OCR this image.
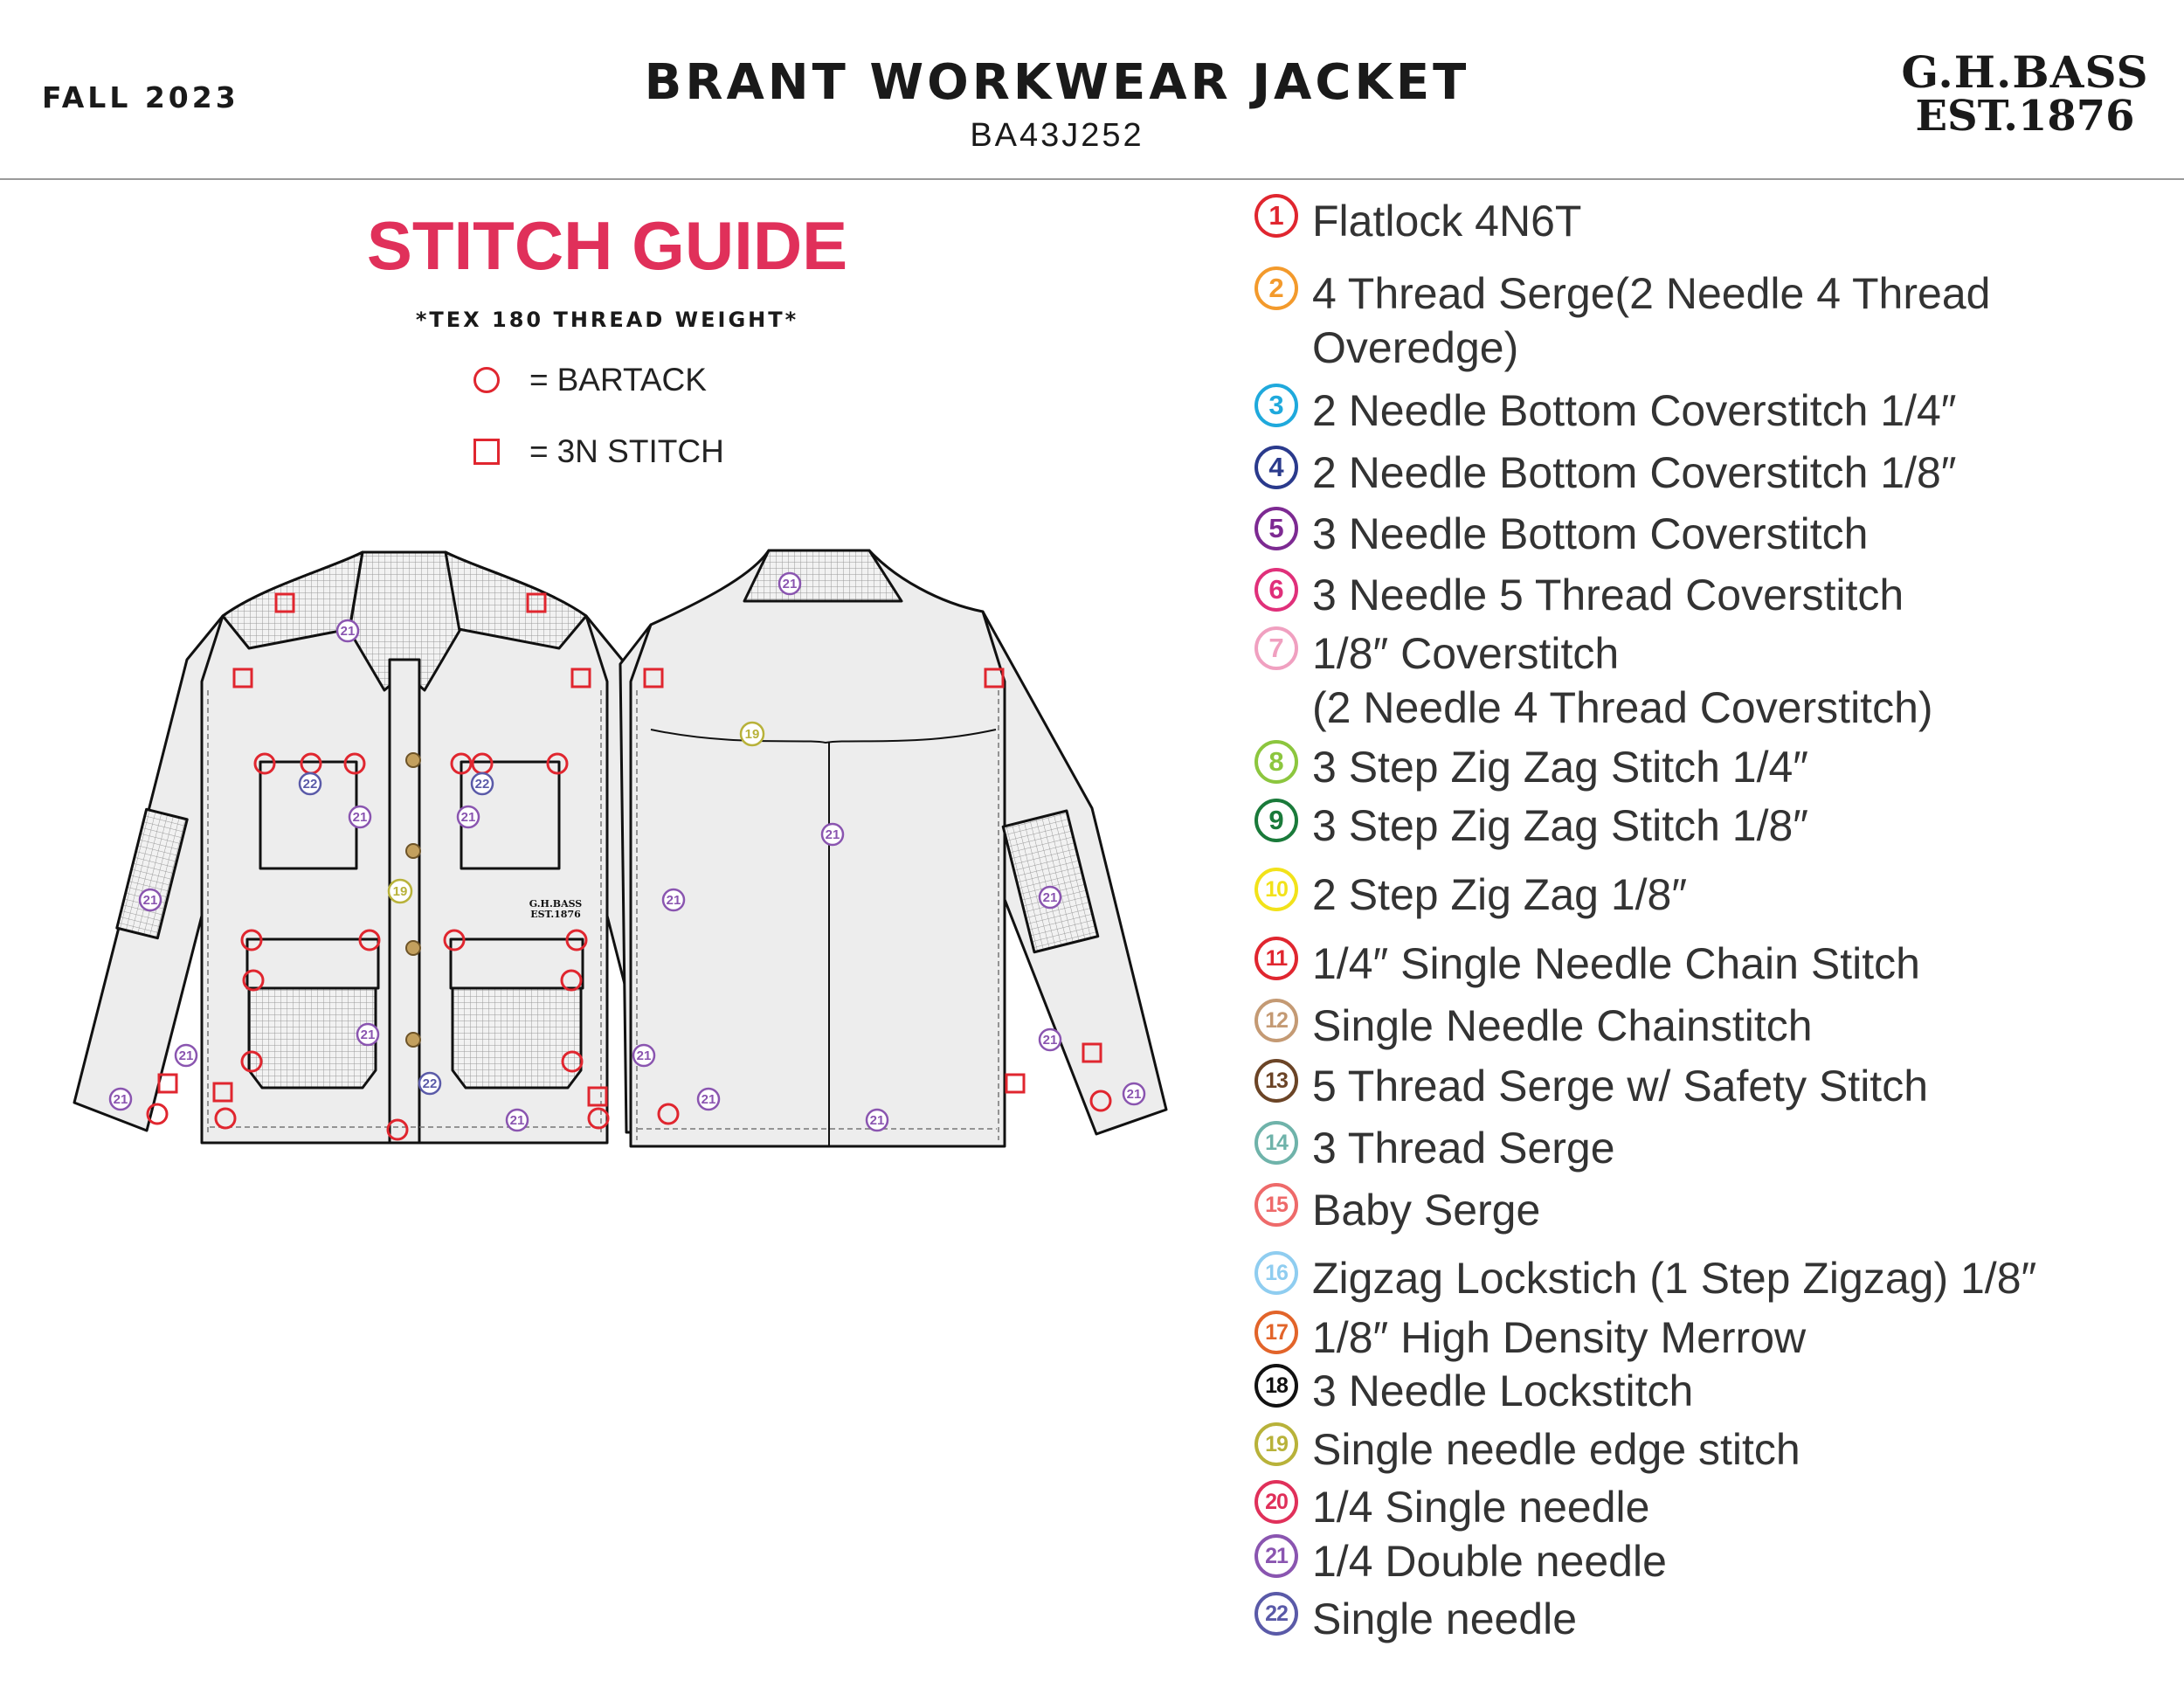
FALL 2023	BRANT WORKWEAR JACKET
BA43J252
G.H.BASS
EST.1876
STITCH GUIDE
*TEX 180 THREAD WEIGHT*
= BARTACK
= 3N STITCH
21
21
21	21
21
21	21	21
21
21	21
21
21	21	21
21	21
22	22
22
19
19
G.H.BASS
EST.1876
1 Flatlock 4N6T
2 4 Thread Serge(2 Needle 4 Thread
Overedge)
3 2 Needle Bottom Coverstitch 1/4″
4 2 Needle Bottom Coverstitch 1/8″
5 3 Needle Bottom Coverstitch
6 3 Needle 5 Thread Coverstitch
7 1/8″ Coverstitch
(2 Needle 4 Thread Coverstitch)
8 3 Step Zig Zag Stitch 1/4″
9 3 Step Zig Zag Stitch 1/8″
10 2 Step Zig Zag 1/8″
11 1/4″ Single Needle Chain Stitch
12 Single Needle Chainstitch
13 5 Thread Serge w/ Safety Stitch
14 3 Thread Serge
15 Baby Serge
16 Zigzag Lockstich (1 Step Zigzag) 1/8″
17 1/8″ High Density Merrow
18 3 Needle Lockstitch
19 Single needle edge stitch
20 1/4 Single needle
21 1/4 Double needle
22 Single needle
